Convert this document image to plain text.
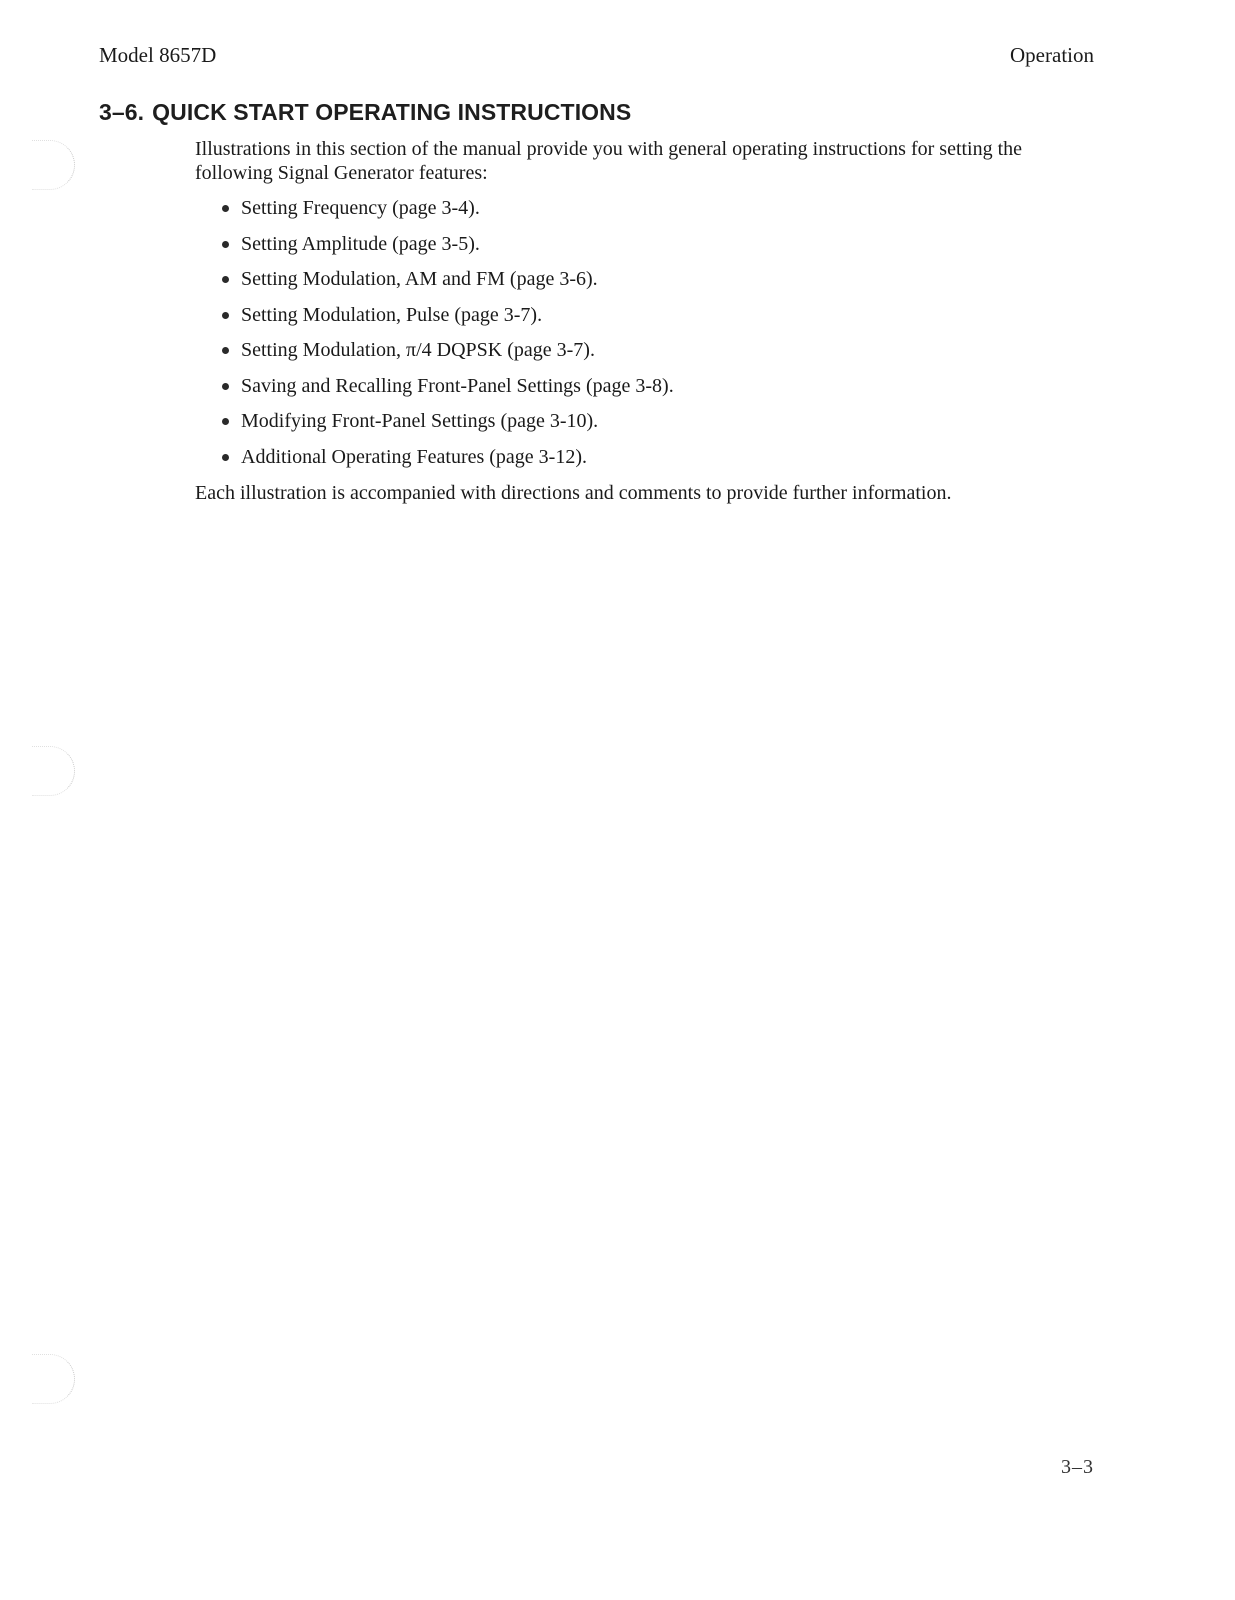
Model 8657D	Operation
3–6. QUICK START OPERATING INSTRUCTIONS

Illustrations in this section of the manual provide you with general operating instructions for setting the following Signal Generator features:

Setting Frequency (page 3-4).
Setting Amplitude (page 3-5).
Setting Modulation, AM and FM (page 3-6).
Setting Modulation, Pulse (page 3-7).
Setting Modulation, π/4 DQPSK (page 3-7).
Saving and Recalling Front-Panel Settings (page 3-8).
Modifying Front-Panel Settings (page 3-10).
Additional Operating Features (page 3-12).

Each illustration is accompanied with directions and comments to provide further information.

3–3
